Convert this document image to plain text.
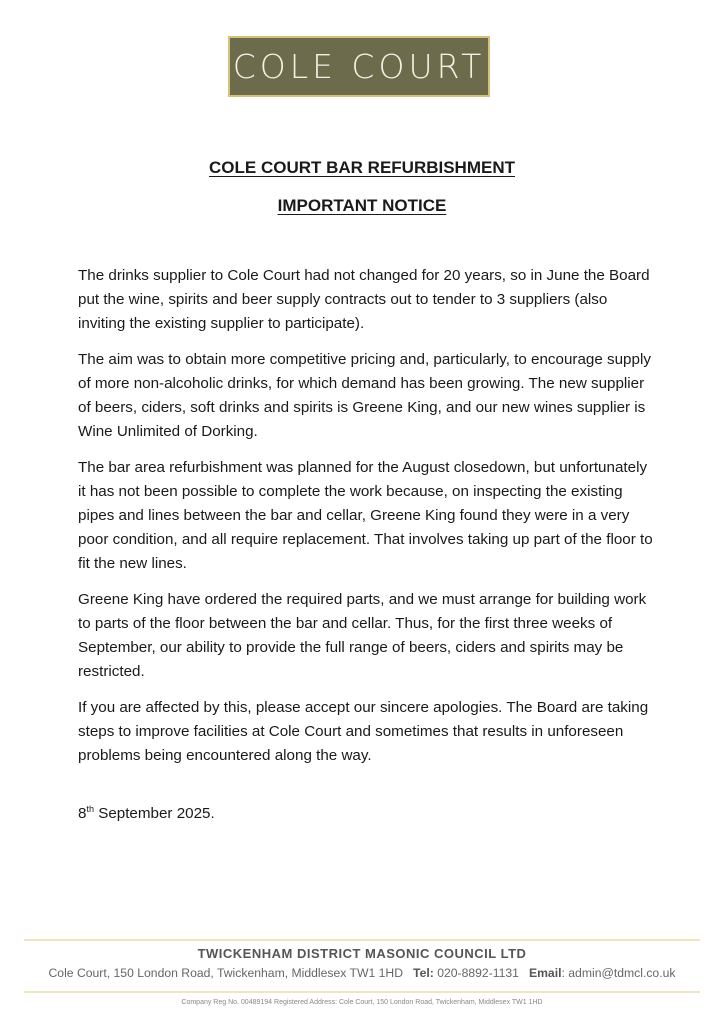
COLE COURT
COLE COURT BAR REFURBISHMENT
IMPORTANT NOTICE

The drinks supplier to Cole Court had not changed for 20 years, so in June the Board put the wine, spirits and beer supply contracts out to tender to 3 suppliers (also inviting the existing supplier to participate).

The aim was to obtain more competitive pricing and, particularly, to encourage supply of more non-alcoholic drinks, for which demand has been growing. The new supplier of beers, ciders, soft drinks and spirits is Greene King, and our new wines supplier is Wine Unlimited of Dorking.

The bar area refurbishment was planned for the August closedown, but unfortunately it has not been possible to complete the work because, on inspecting the existing pipes and lines between the bar and cellar, Greene King found they were in a very poor condition, and all require replacement. That involves taking up part of the floor to fit the new lines.

Greene King have ordered the required parts, and we must arrange for building work to parts of the floor between the bar and cellar. Thus, for the first three weeks of September, our ability to provide the full range of beers, ciders and spirits may be restricted.

If you are affected by this, please accept our sincere apologies. The Board are taking steps to improve facilities at Cole Court and sometimes that results in unforeseen problems being encountered along the way.

8th September 2025.
TWICKENHAM DISTRICT MASONIC COUNCIL LTD
Cole Court, 150 London Road, Twickenham, Middlesex TW1 1HD Tel: 020-8892-1131 Email: admin@tdmcl.co.uk
Company Reg No. 00489194 Registered Address: Cole Court, 150 London Road, Twickenham, Middlesex TW1 1HD
